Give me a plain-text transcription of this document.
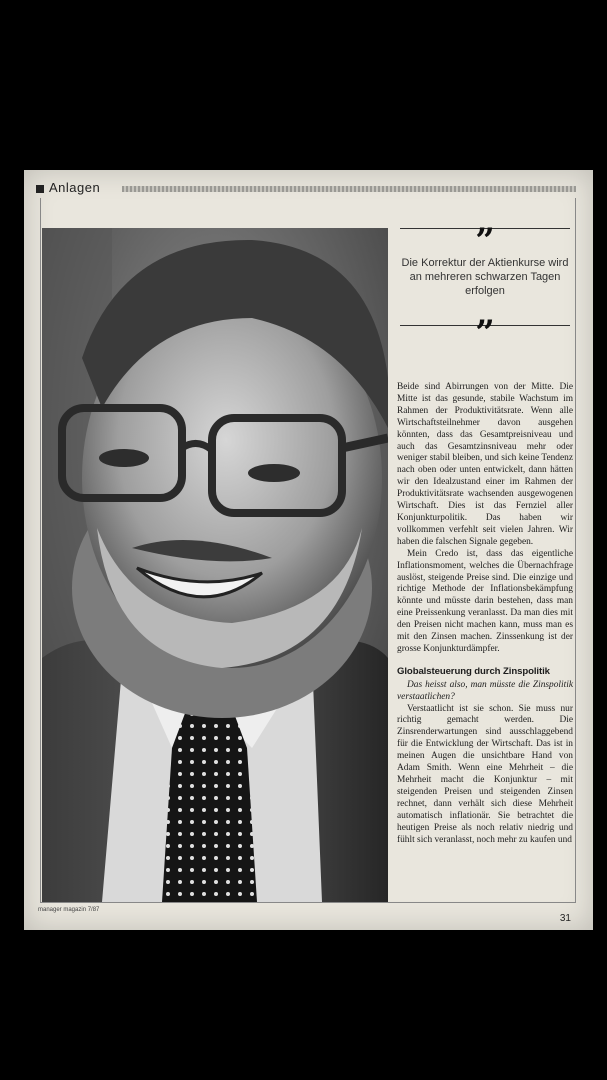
Anlagen
”
Die Korrektur der Aktienkurse wird an mehreren schwarzen Tagen erfolgen
”

Beide sind Abirrungen von der Mitte. Die Mitte ist das gesunde, stabile Wachstum im Rahmen der Produktivitätsrate. Wenn alle Wirtschaftsteilnehmer davon ausgehen könnten, dass das Gesamtpreisniveau und auch das Gesamtzinsniveau mehr oder weniger stabil bleiben, und sich keine Tendenz nach oben oder unten entwickelt, dann hätten wir den Idealzustand einer im Rahmen der Produktivitätsrate wachsenden ausgewogenen Wirtschaft. Dies ist das Fernziel aller Konjunkturpolitik. Das haben wir vollkommen verfehlt seit vielen Jahren. Wir haben die falschen Signale gegeben.

Mein Credo ist, dass das eigentliche Inflationsmoment, welches die Übernachfrage auslöst, steigende Preise sind. Die einzige und richtige Methode der Inflationsbekämpfung könnte und müsste darin bestehen, dass man eine Preissenkung veranlasst. Da man dies mit den Preisen nicht machen kann, muss man es mit den Zinsen machen. Zinssenkung ist der grosse Konjunkturdämpfer.

Globalsteuerung durch Zinspolitik

Das heisst also, man müsste die Zinspolitik verstaatlichen?

Verstaatlicht ist sie schon. Sie muss nur richtig gemacht werden. Die Zinsrenderwartungen sind ausschlaggebend für die Entwicklung der Wirtschaft. Das ist in meinen Augen die unsichtbare Hand von Adam Smith. Wenn eine Mehrheit – die Mehrheit macht die Konjunktur – mit steigenden Preisen und steigenden Zinsen rechnet, dann verhält sich diese Mehrheit automatisch inflationär. Sie betrachtet die heutigen Preise als noch relativ niedrig und fühlt sich veranlasst, noch mehr zu kaufen und

manager magazin 7/87
31
